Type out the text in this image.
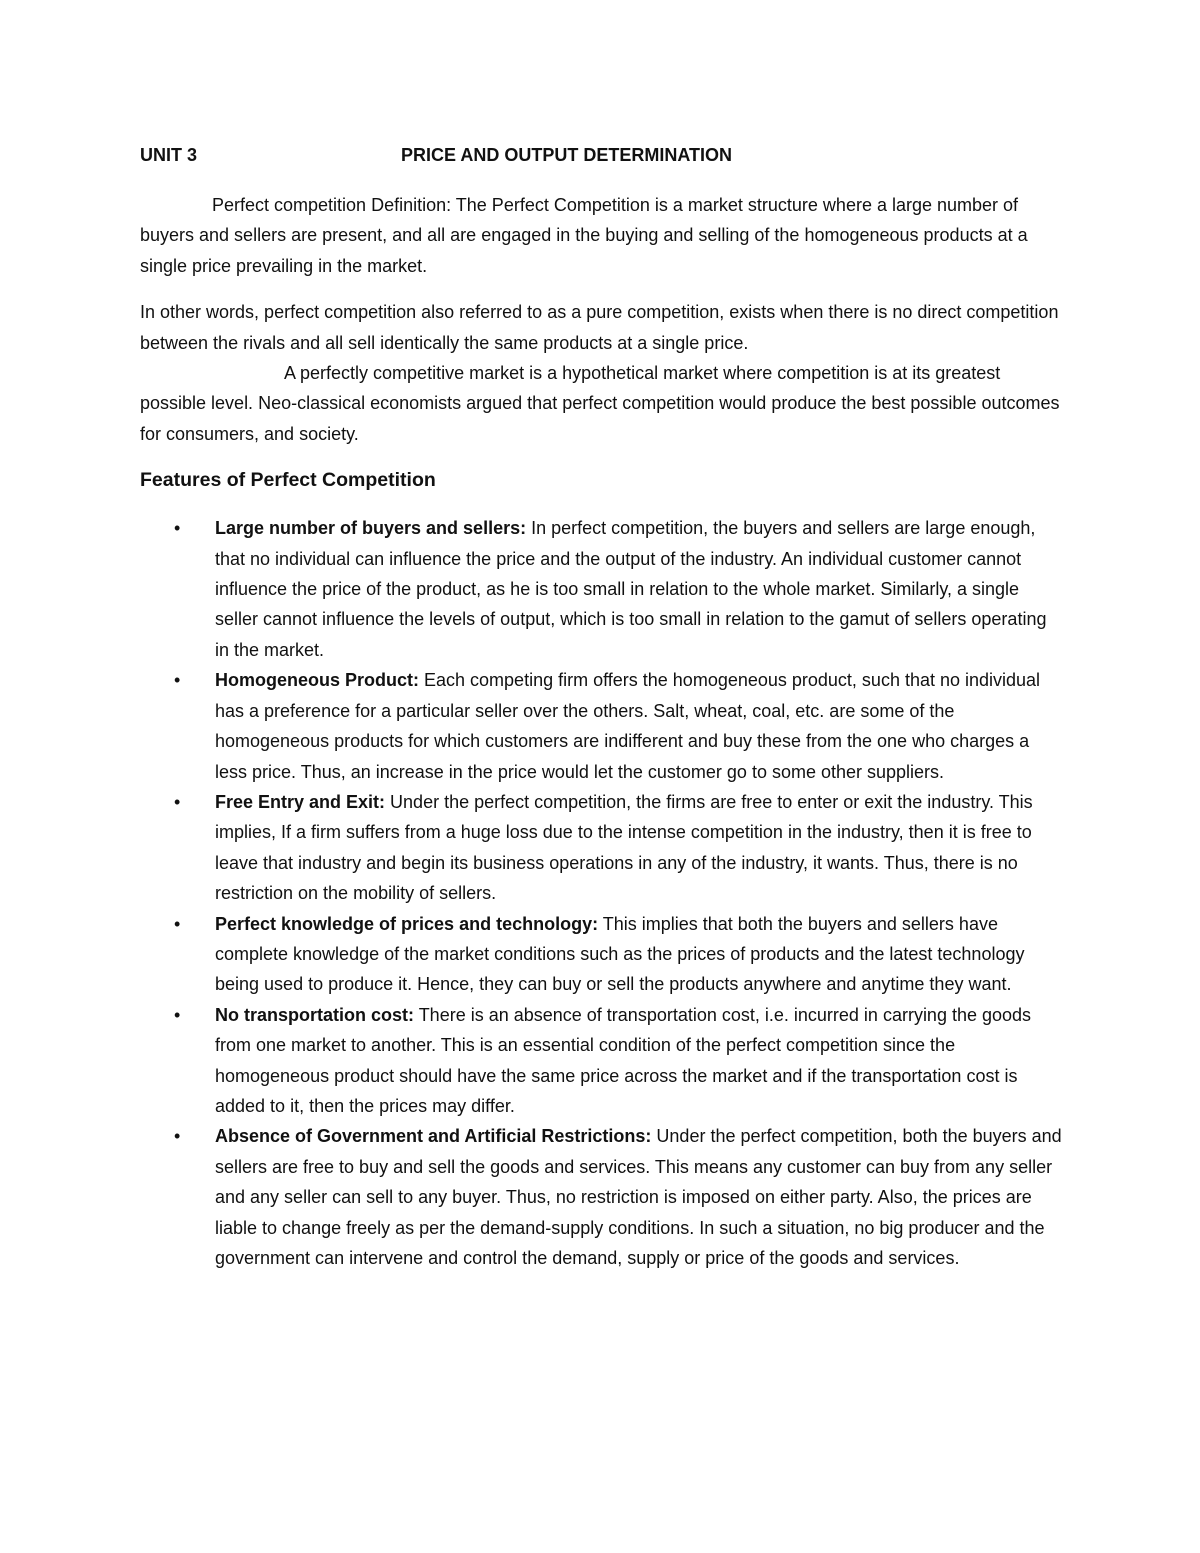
UNIT 3	PRICE AND OUTPUT DETERMINATION

Perfect competition Definition: The Perfect Competition is a market structure where a large number of buyers and sellers are present, and all are engaged in the buying and selling of the homogeneous products at a single price prevailing in the market.

In other words, perfect competition also referred to as a pure competition, exists when there is no direct competition between the rivals and all sell identically the same products at a single price.

A perfectly competitive market is a hypothetical market where competition is at its greatest possible level. Neo-classical economists argued that perfect competition would produce the best possible outcomes for consumers, and society.

Features of Perfect Competition
• Large number of buyers and sellers: In perfect competition, the buyers and sellers are large enough, that no individual can influence the price and the output of the industry. An individual customer cannot influence the price of the product, as he is too small in relation to the whole market. Similarly, a single seller cannot influence the levels of output, which is too small in relation to the gamut of sellers operating in the market.
• Homogeneous Product: Each competing firm offers the homogeneous product, such that no individual has a preference for a particular seller over the others. Salt, wheat, coal, etc. are some of the homogeneous products for which customers are indifferent and buy these from the one who charges a less price. Thus, an increase in the price would let the customer go to some other suppliers.
• Free Entry and Exit: Under the perfect competition, the firms are free to enter or exit the industry. This implies, If a firm suffers from a huge loss due to the intense competition in the industry, then it is free to leave that industry and begin its business operations in any of the industry, it wants. Thus, there is no restriction on the mobility of sellers.
• Perfect knowledge of prices and technology: This implies that both the buyers and sellers have complete knowledge of the market conditions such as the prices of products and the latest technology being used to produce it. Hence, they can buy or sell the products anywhere and anytime they want.
• No transportation cost: There is an absence of transportation cost, i.e. incurred in carrying the goods from one market to another. This is an essential condition of the perfect competition since the homogeneous product should have the same price across the market and if the transportation cost is added to it, then the prices may differ.
• Absence of Government and Artificial Restrictions: Under the perfect competition, both the buyers and sellers are free to buy and sell the goods and services. This means any customer can buy from any seller and any seller can sell to any buyer. Thus, no restriction is imposed on either party. Also, the prices are liable to change freely as per the demand-supply conditions. In such a situation, no big producer and the government can intervene and control the demand, supply or price of the goods and services.
